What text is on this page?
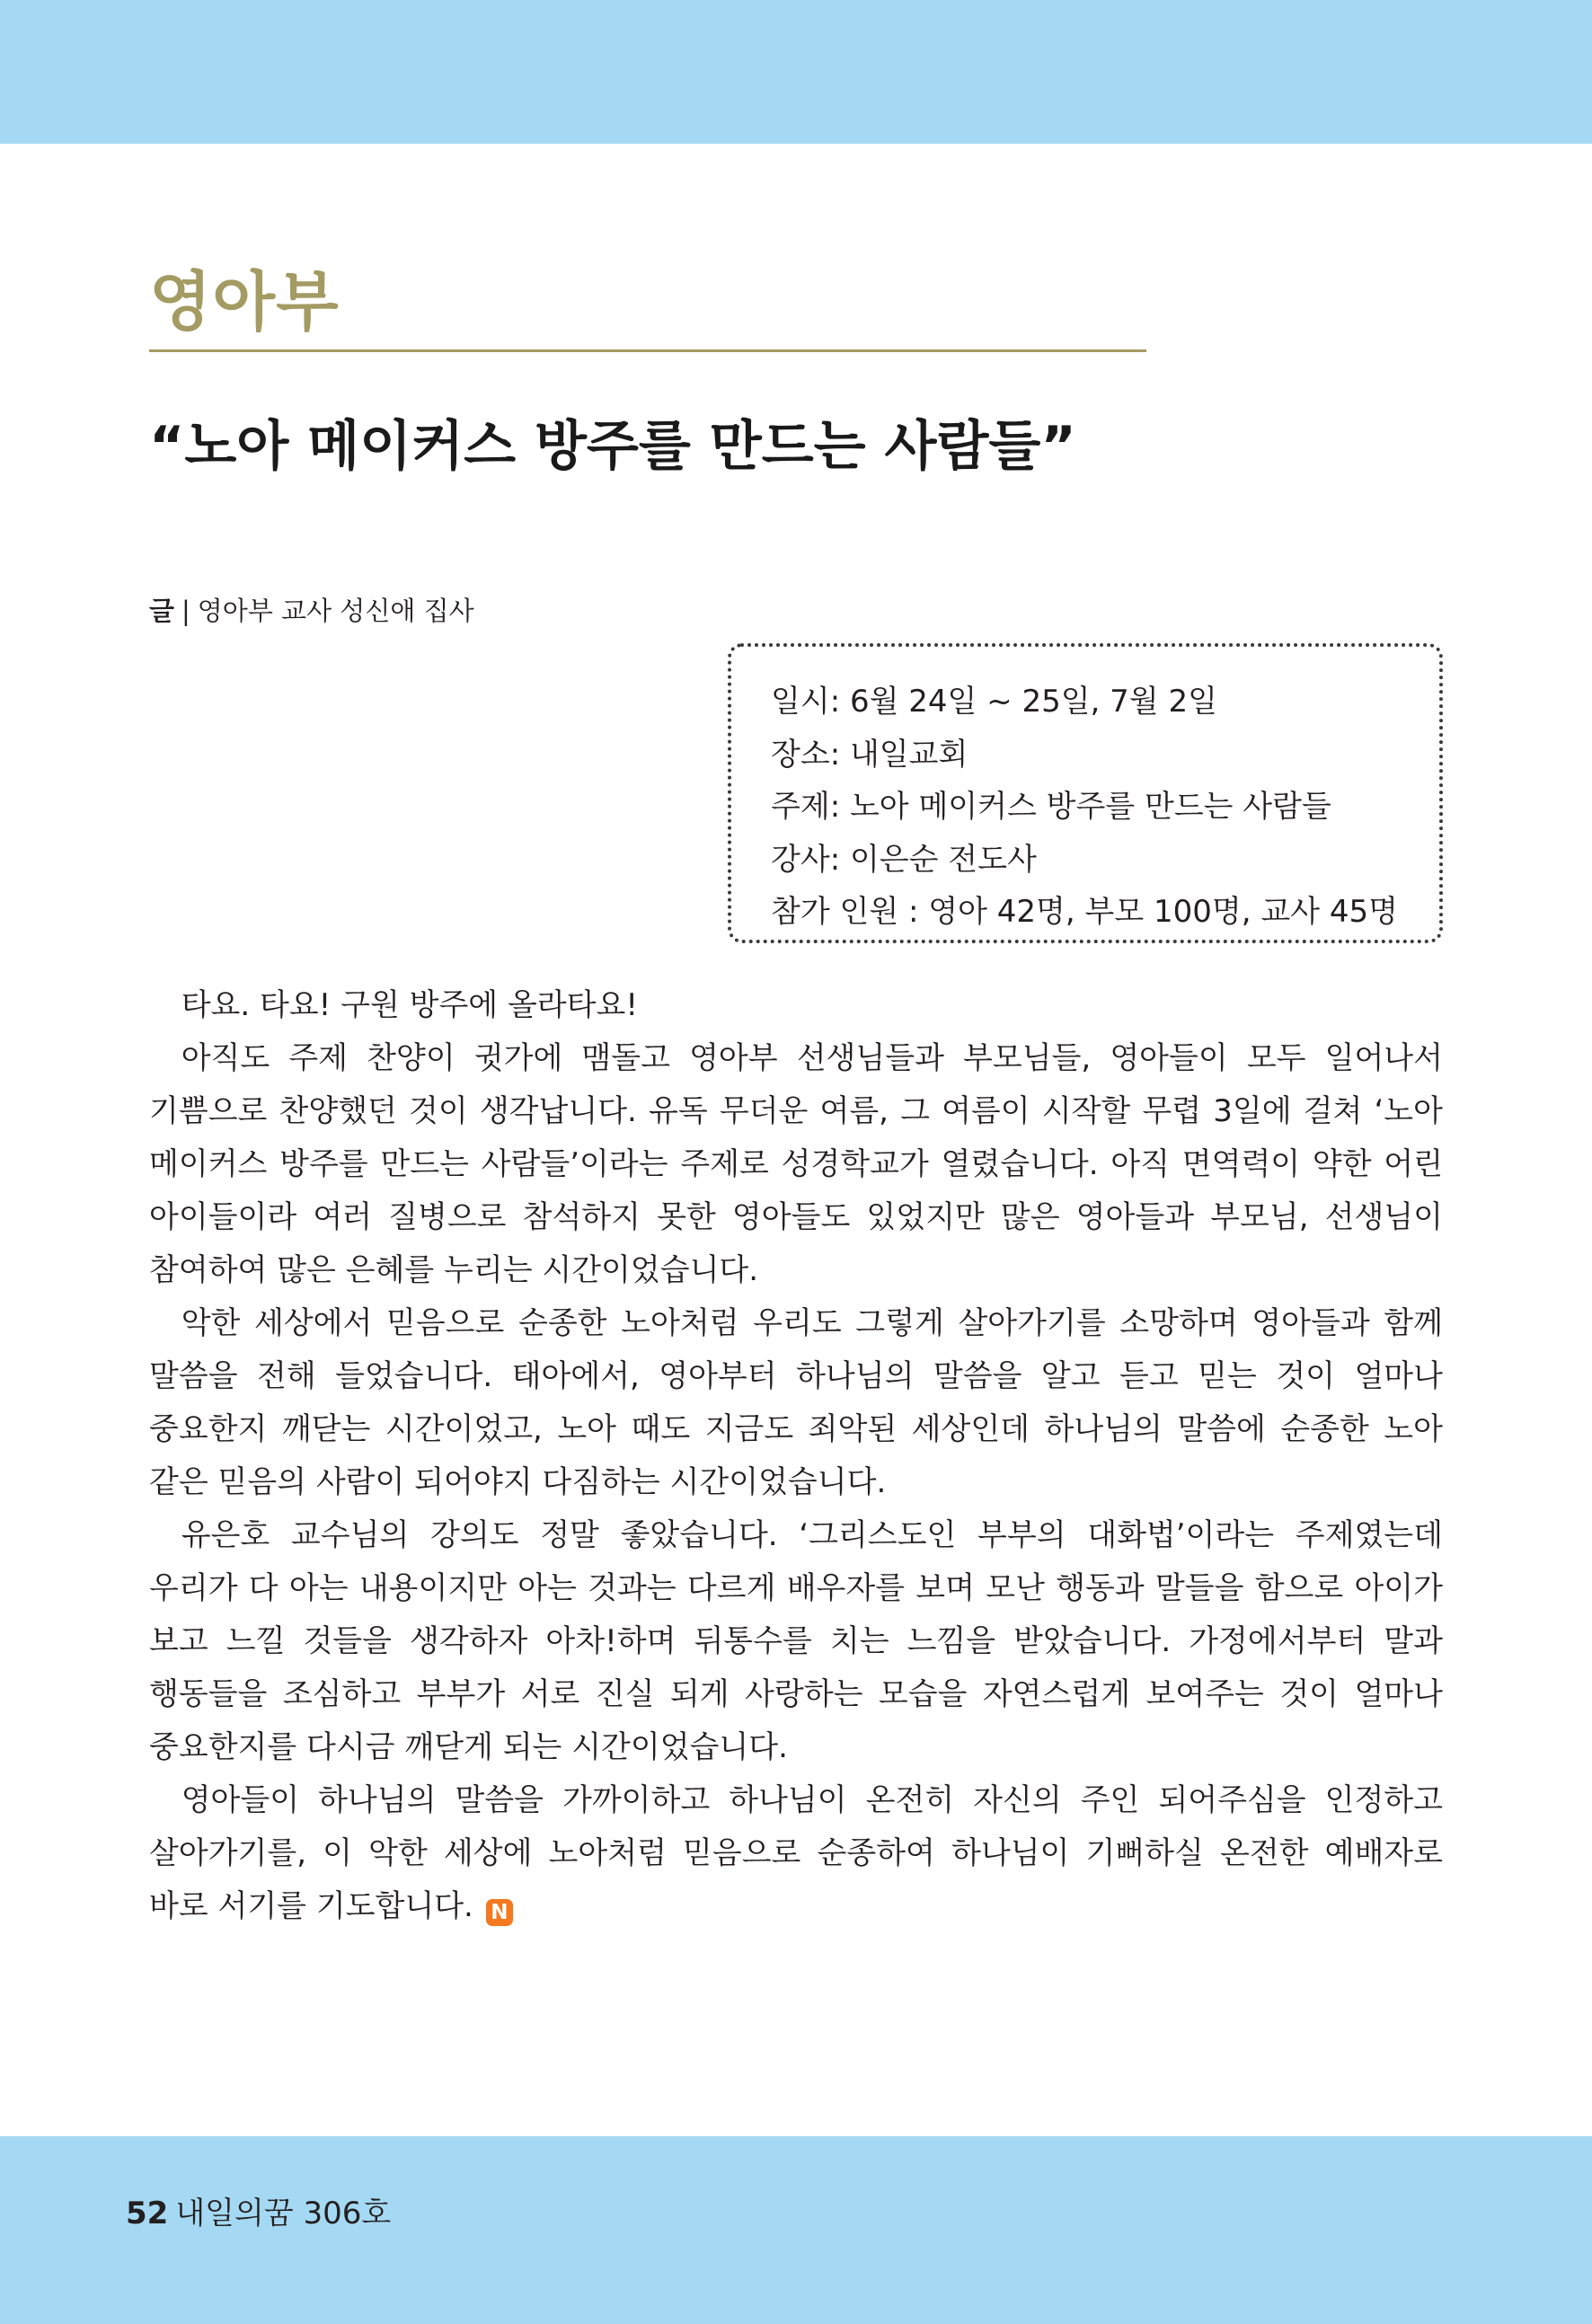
영아부
“노아 메이커스 방주를 만드는 사람들”
글 | 영아부 교사 성신애 집사
일시: 6월 24일 ~ 25일, 7월 2일
장소: 내일교회
주제: 노아 메이커스 방주를 만드는 사람들
강사: 이은순 전도사
참가 인원 : 영아 42명, 부모 100명, 교사 45명

타요. 타요! 구원 방주에 올라타요!

아직도 주제 찬양이 귓가에 맴돌고 영아부 선생님들과 부모님들, 영아들이 모두 일어나서 기쁨으로 찬양했던 것이 생각납니다. 유독 무더운 여름, 그 여름이 시작할 무렵 3일에 걸쳐 ‘노아 메이커스 방주를 만드는 사람들’이라는 주제로 성경학교가 열렸습니다. 아직 면역력이 약한 어린 아이들이라 여러 질병으로 참석하지 못한 영아들도 있었지만 많은 영아들과 부모님, 선생님이 참여하여 많은 은혜를 누리는 시간이었습니다.

악한 세상에서 믿음으로 순종한 노아처럼 우리도 그렇게 살아가기를 소망하며 영아들과 함께 말씀을 전해 들었습니다. 태아에서, 영아부터 하나님의 말씀을 알고 듣고 믿는 것이 얼마나 중요한지 깨닫는 시간이었고, 노아 때도 지금도 죄악된 세상인데 하나님의 말씀에 순종한 노아 같은 믿음의 사람이 되어야지 다짐하는 시간이었습니다.

유은호 교수님의 강의도 정말 좋았습니다. ‘그리스도인 부부의 대화법’이라는 주제였는데 우리가 다 아는 내용이지만 아는 것과는 다르게 배우자를 보며 모난 행동과 말들을 함으로 아이가 보고 느낄 것들을 생각하자 아차!하며 뒤통수를 치는 느낌을 받았습니다. 가정에서부터 말과 행동들을 조심하고 부부가 서로 진실 되게 사랑하는 모습을 자연스럽게 보여주는 것이 얼마나 중요한지를 다시금 깨닫게 되는 시간이었습니다.

영아들이 하나님의 말씀을 가까이하고 하나님이 온전히 자신의 주인 되어주심을 인정하고 살아가기를, 이 악한 세상에 노아처럼 믿음으로 순종하여 하나님이 기뻐하실 온전한 예배자로 바로 서기를 기도합니다. N

52 내일의꿈 306호
